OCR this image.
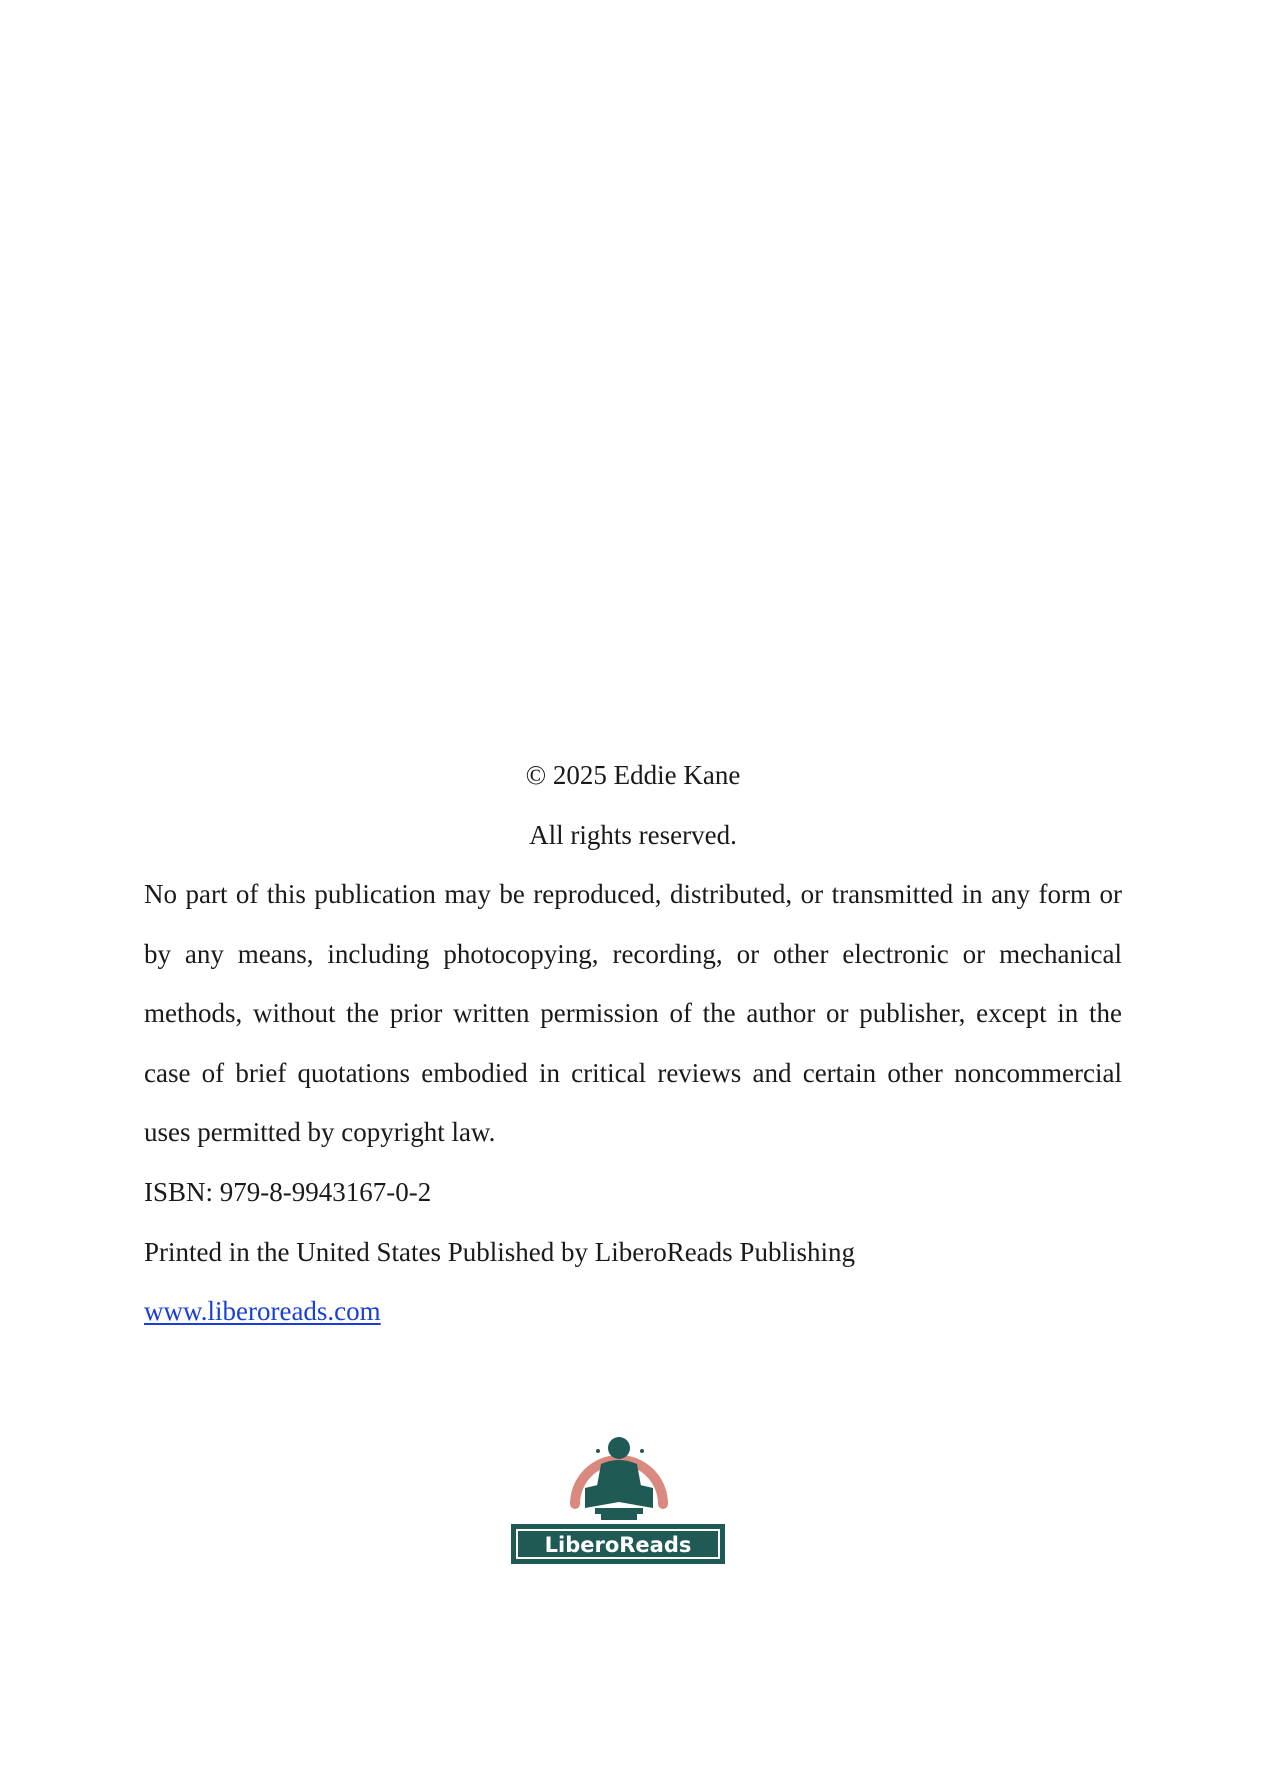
© 2025 Eddie Kane
All rights reserved.

No part of this publication may be reproduced, distributed, or transmitted in any form or by any means, including photocopying, recording, or other electronic or mechanical methods, without the prior written permission of the author or publisher, except in the case of brief quotations embodied in critical reviews and certain other noncommercial uses permitted by copyright law.

ISBN: 979-8-9943167-0-2
Printed in the United States Published by LiberoReads Publishing
www.liberoreads.com
LiberoReads
